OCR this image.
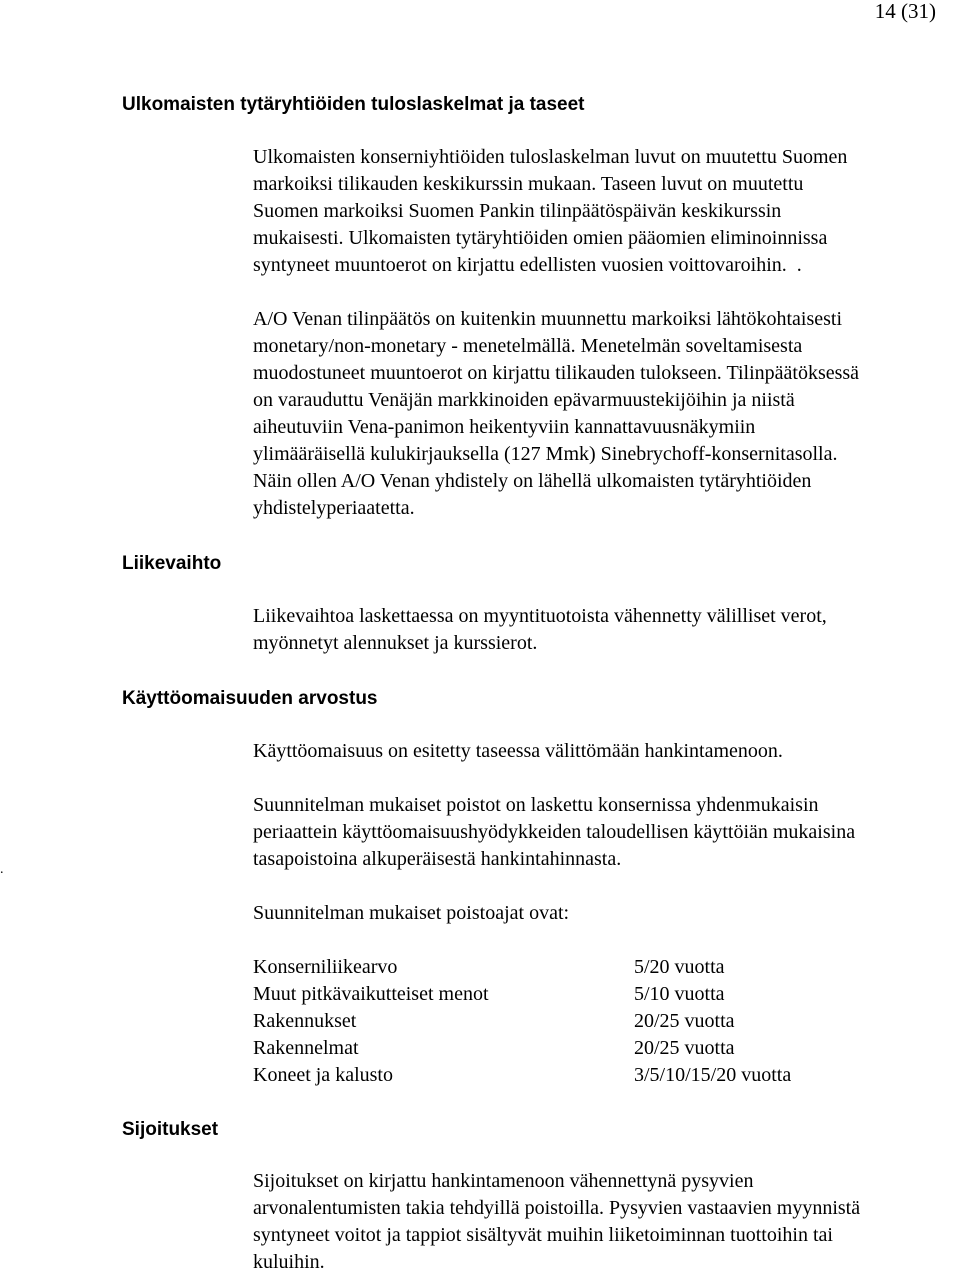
14 (31)
Ulkomaisten tytäryhtiöiden tuloslaskelmat ja taseet
Ulkomaisten konserniyhtiöiden tuloslaskelman luvut on muutettu Suomen
markoiksi tilikauden keskikurssin mukaan. Taseen luvut on muutettu
Suomen markoiksi Suomen Pankin tilinpäätöspäivän keskikurssin
mukaisesti. Ulkomaisten tytäryhtiöiden omien pääomien eliminoinnissa
syntyneet muuntoerot on kirjattu edellisten vuosien voittovaroihin.  .
A/O Venan tilinpäätös on kuitenkin muunnettu markoiksi lähtökohtaisesti
monetary/non-monetary - menetelmällä. Menetelmän soveltamisesta
muodostuneet muuntoerot on kirjattu tilikauden tulokseen. Tilinpäätöksessä
on varauduttu Venäjän markkinoiden epävarmuustekijöihin ja niistä
aiheutuviin Vena-panimon heikentyviin kannattavuusnäkymiin
ylimääräisellä kulukirjauksella (127 Mmk) Sinebrychoff-konsernitasolla.
Näin ollen A/O Venan yhdistely on lähellä ulkomaisten tytäryhtiöiden
yhdistelyperiaatetta.
Liikevaihto
Liikevaihtoa laskettaessa on myyntituotoista vähennetty välilliset verot,
myönnetyt alennukset ja kurssierot.
Käyttöomaisuuden arvostus
Käyttöomaisuus on esitetty taseessa välittömään hankintamenoon.
Suunnitelman mukaiset poistot on laskettu konsernissa yhdenmukaisin
periaattein käyttöomaisuushyödykkeiden taloudellisen käyttöiän mukaisina
tasapoistoina alkuperäisestä hankintahinnasta.
.
Suunnitelman mukaiset poistoajat ovat:
Konserniliikearvo	5/20 vuotta
Muut pitkävaikutteiset menot	5/10 vuotta
Rakennukset	20/25 vuotta
Rakennelmat	20/25 vuotta
Koneet ja kalusto	3/5/10/15/20 vuotta
Sijoitukset
Sijoitukset on kirjattu hankintamenoon vähennettynä pysyvien
arvonalentumisten takia tehdyillä poistoilla. Pysyvien vastaavien myynnistä
syntyneet voitot ja tappiot sisältyvät muihin liiketoiminnan tuottoihin tai
kuluihin.
